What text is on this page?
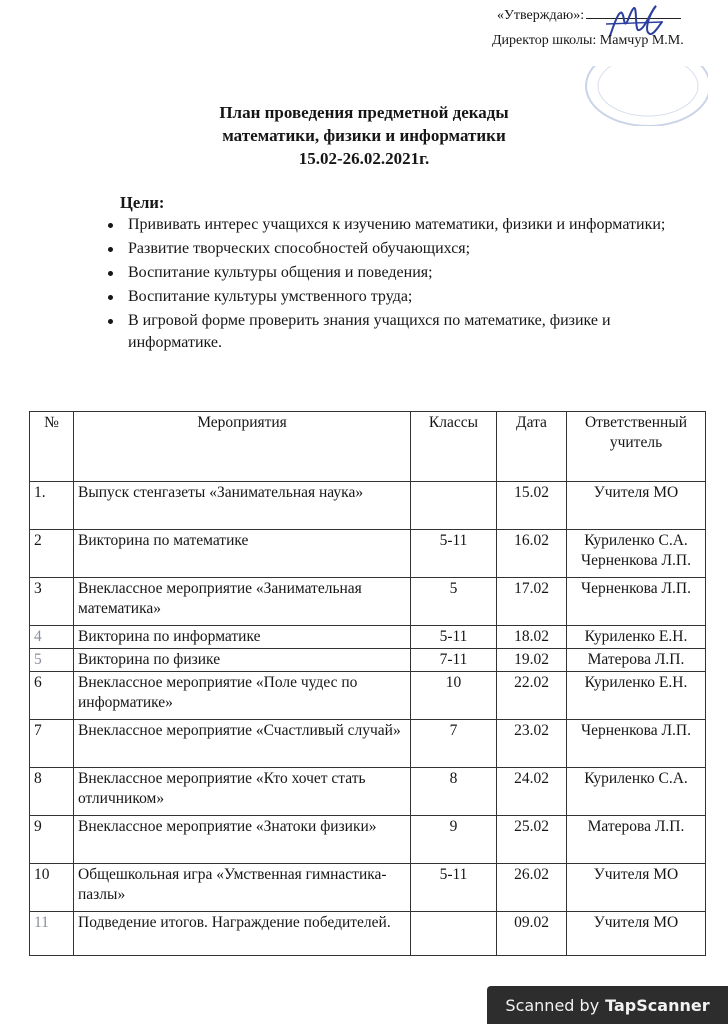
«Утверждаю»:
Директор школы: Мамчур М.М.
План проведения предметной декады
математики, физики и информатики
15.02-26.02.2021г.
Цели:
Прививать интерес учащихся к изучению математики, физики и информатики;
Развитие творческих способностей обучающихся;
Воспитание культуры общения и поведения;
Воспитание культуры умственного труда;
В игровой форме проверить знания учащихся по математике, физике и информатике.
№	Мероприятия	Классы	Дата	Ответственный учитель
1.	Выпуск стенгазеты «Занимательная наука»		15.02	Учителя МО
2	Викторина по математике	5-11	16.02	Куриленко С.А. Черненкова Л.П.
3	Внеклассное мероприятие «Занимательная математика»	5	17.02	Черненкова Л.П.
4	Викторина по информатике	5-11	18.02	Куриленко Е.Н.
5	Викторина по физике	7-11	19.02	Матерова Л.П.
6	Внеклассное мероприятие «Поле чудес по информатике»	10	22.02	Куриленко Е.Н.
7	Внеклассное мероприятие «Счастливый случай»	7	23.02	Черненкова Л.П.
8	Внеклассное мероприятие «Кто хочет стать отличником»	8	24.02	Куриленко С.А.
9	Внеклассное мероприятие «Знатоки физики»	9	25.02	Матерова Л.П.
10	Общешкольная игра «Умственная гимнастика-пазлы»	5-11	26.02	Учителя МО
11	Подведение итогов. Награждение победителей.		09.02	Учителя МО
Scanned by TapScanner
